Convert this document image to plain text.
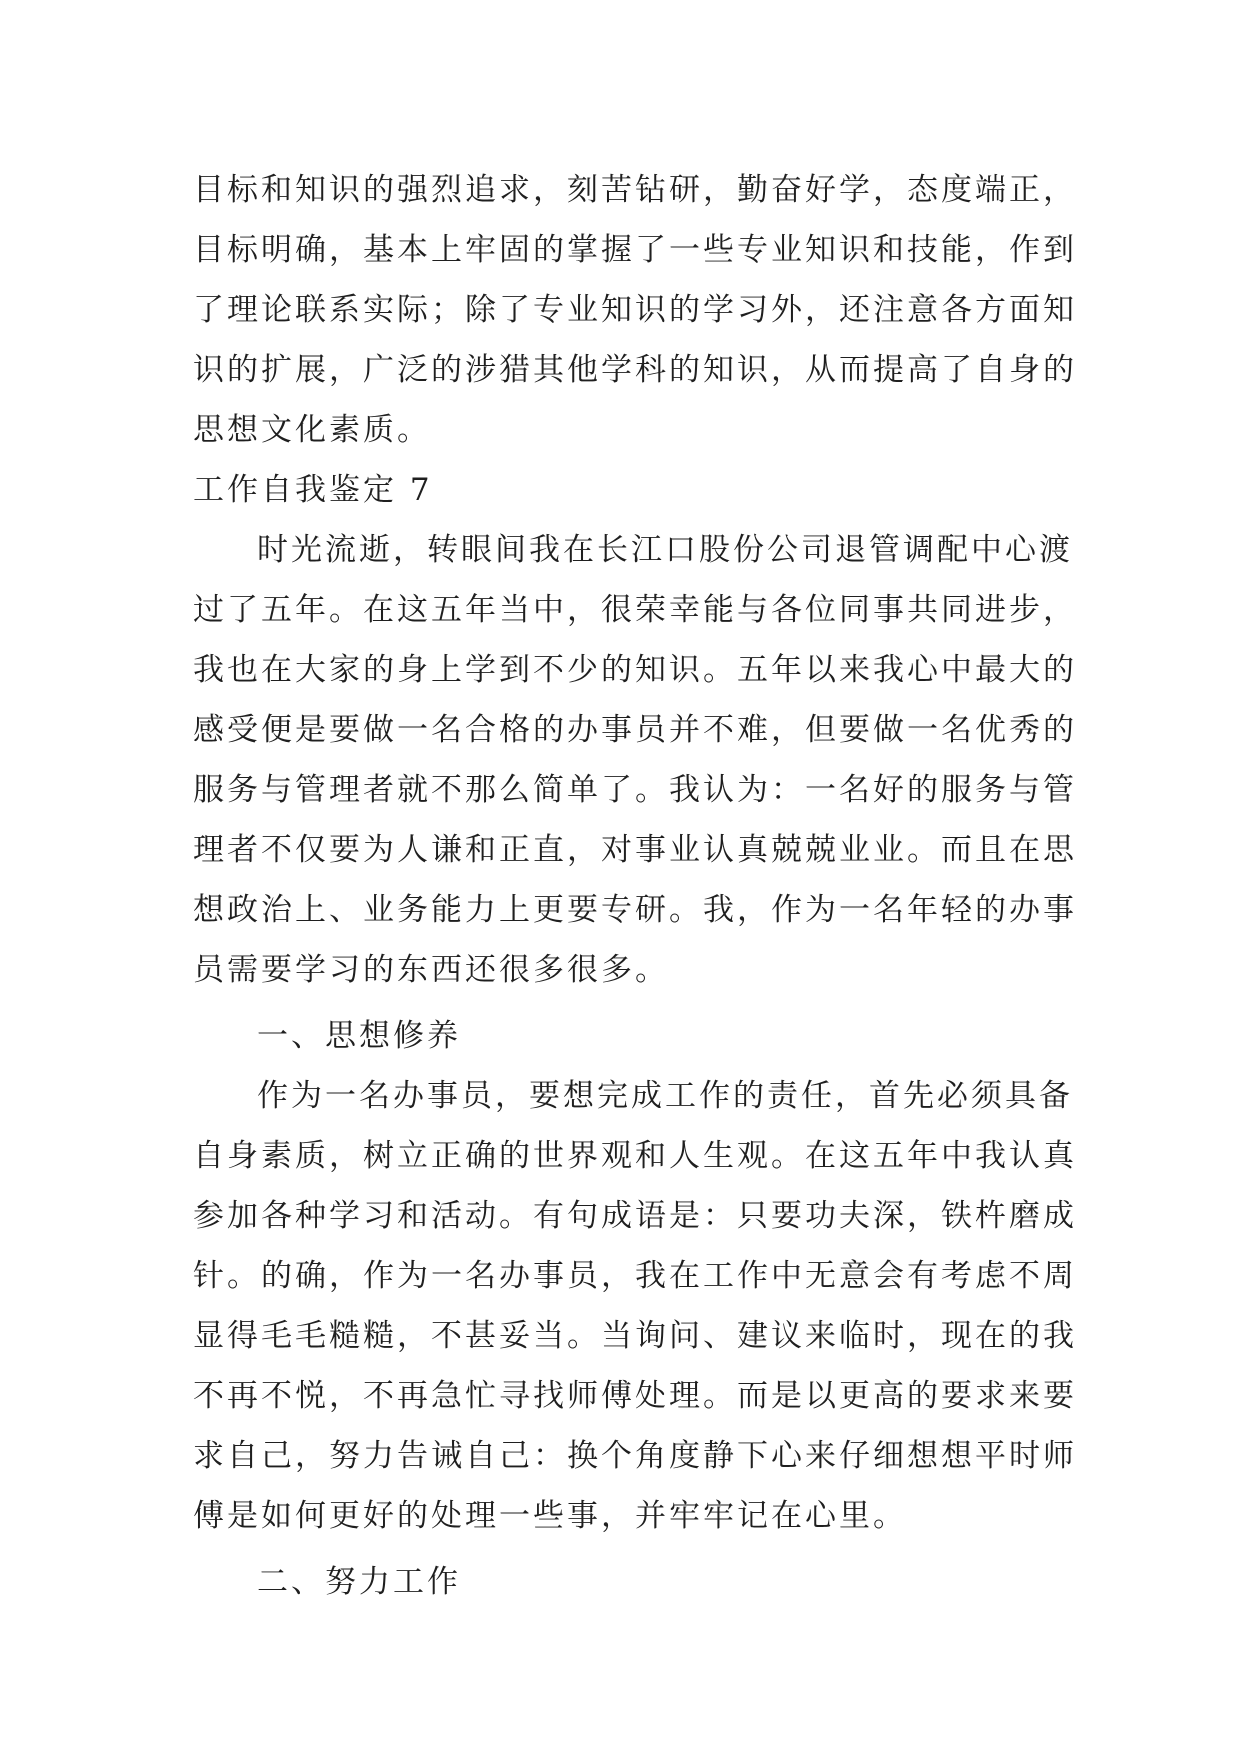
目标和知识的强烈追求，刻苦钻研，勤奋好学，态度端正，
目标明确，基本上牢固的掌握了一些专业知识和技能，作到
了理论联系实际；除了专业知识的学习外，还注意各方面知
识的扩展，广泛的涉猎其他学科的知识，从而提高了自身的
思想文化素质。
工作自我鉴定 7
时光流逝，转眼间我在长江口股份公司退管调配中心渡
过了五年。在这五年当中，很荣幸能与各位同事共同进步，
我也在大家的身上学到不少的知识。五年以来我心中最大的
感受便是要做一名合格的办事员并不难，但要做一名优秀的
服务与管理者就不那么简单了。我认为：一名好的服务与管
理者不仅要为人谦和正直，对事业认真兢兢业业。而且在思
想政治上、业务能力上更要专研。我，作为一名年轻的办事
员需要学习的东西还很多很多。
一、思想修养
作为一名办事员，要想完成工作的责任，首先必须具备
自身素质，树立正确的世界观和人生观。在这五年中我认真
参加各种学习和活动。有句成语是：只要功夫深，铁杵磨成
针。的确，作为一名办事员，我在工作中无意会有考虑不周
显得毛毛糙糙，不甚妥当。当询问、建议来临时，现在的我
不再不悦，不再急忙寻找师傅处理。而是以更高的要求来要
求自己，努力告诫自己：换个角度静下心来仔细想想平时师
傅是如何更好的处理一些事，并牢牢记在心里。
二、努力工作
